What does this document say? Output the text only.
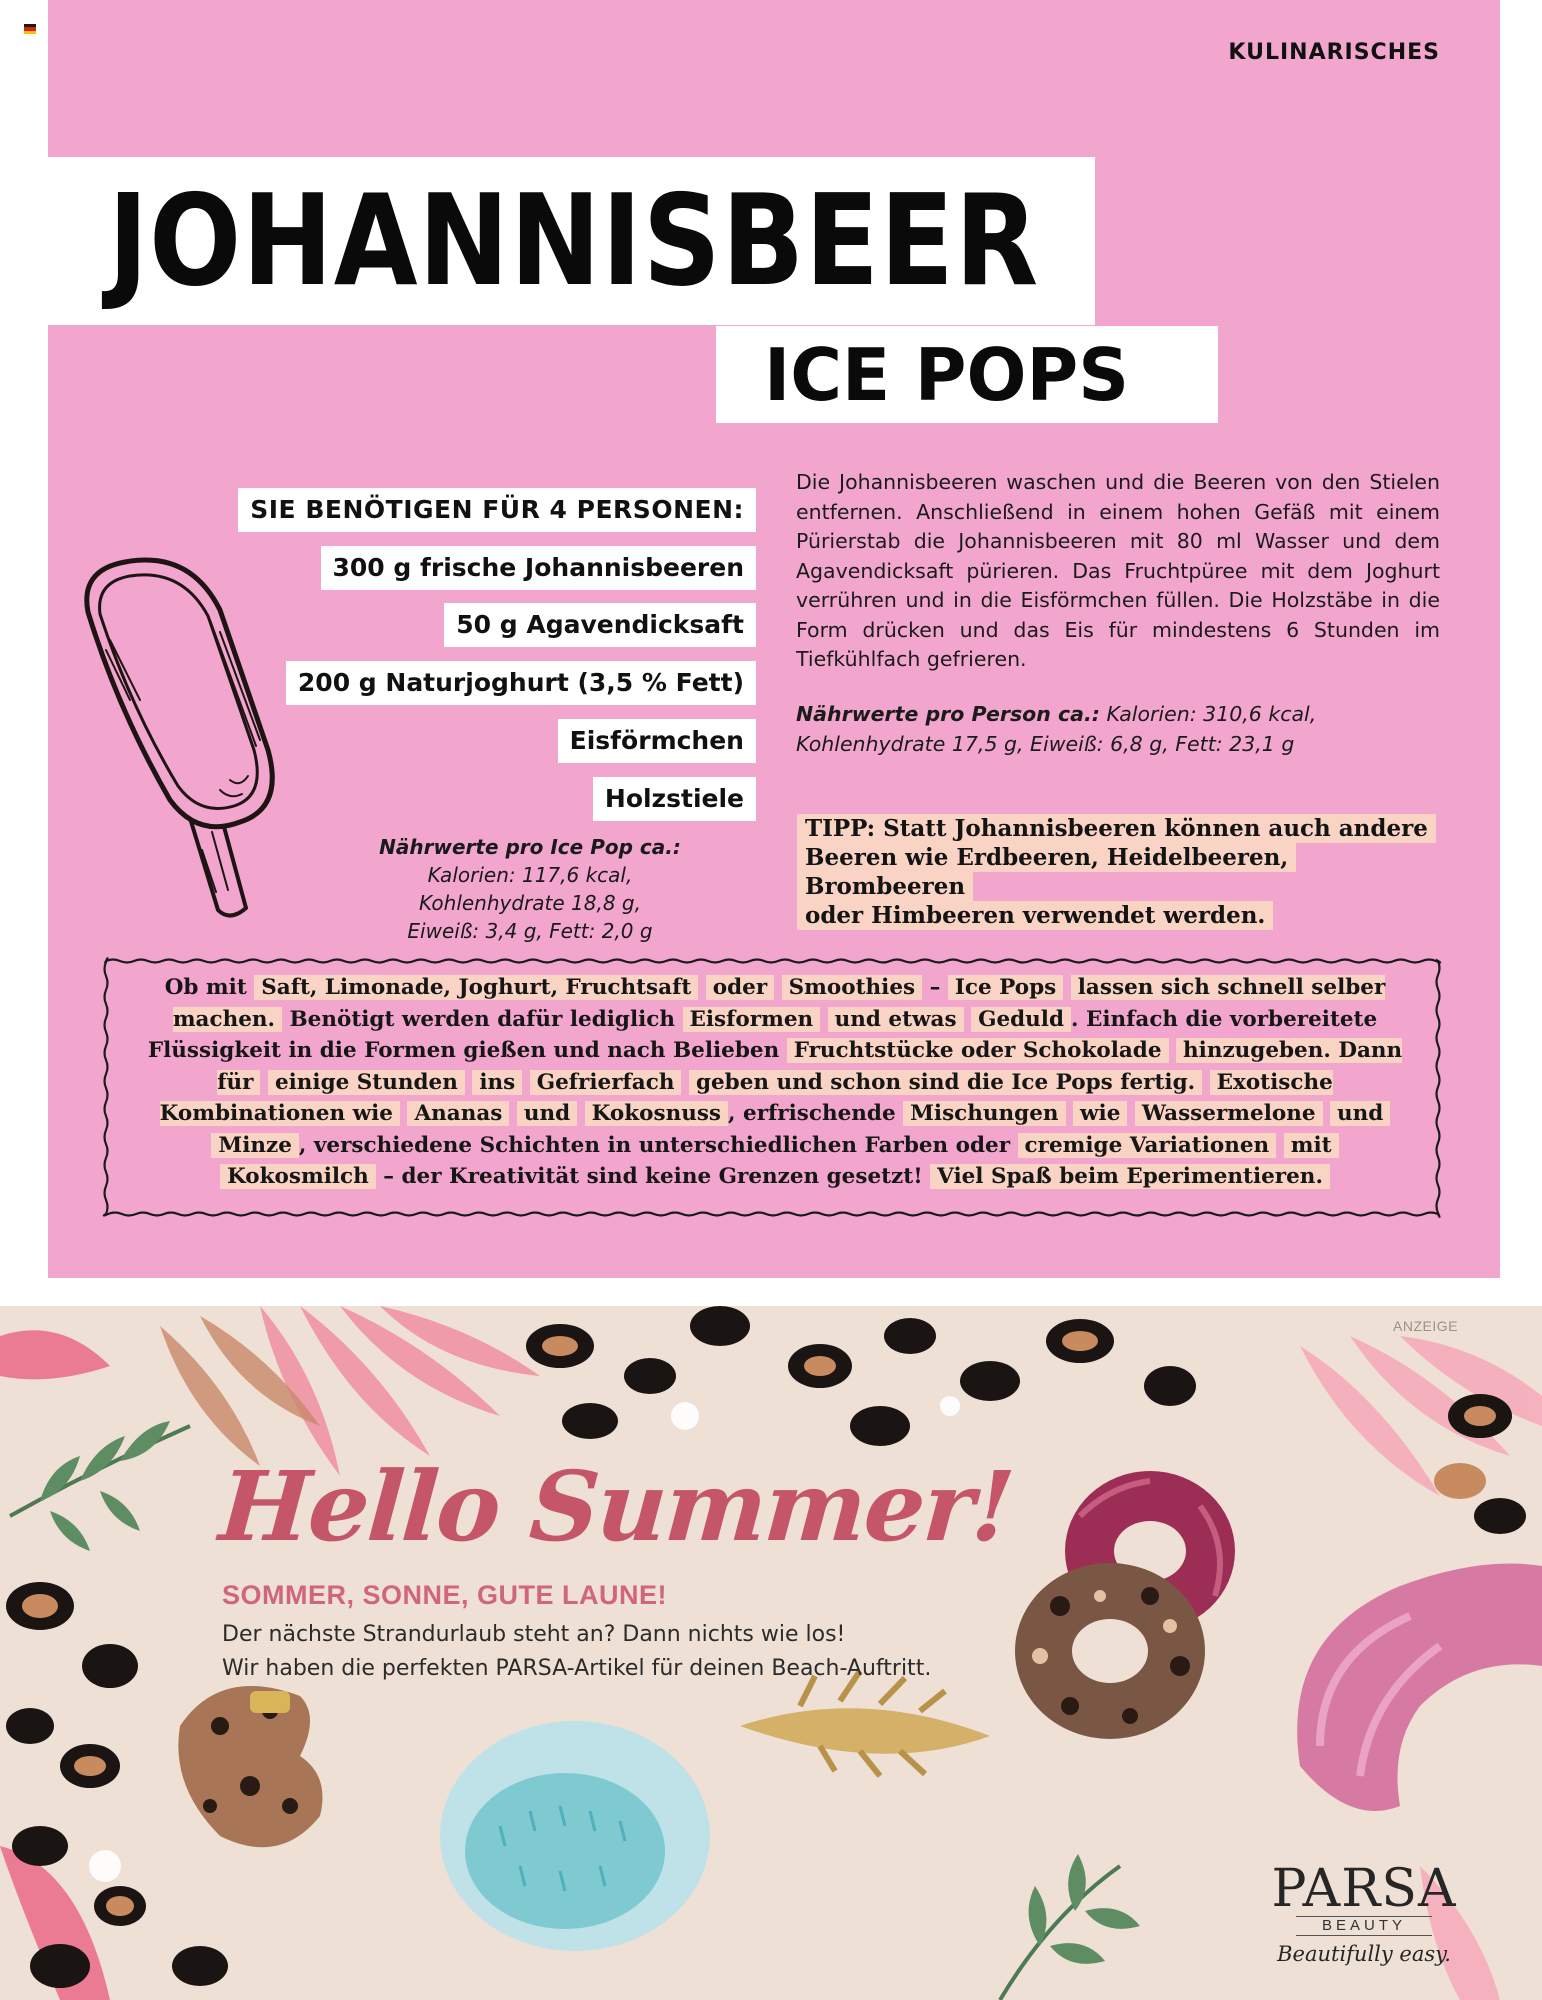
KULINARISCHES
JOHANNISBEER
ICE POPS
SIE BENÖTIGEN FÜR 4 PERSONEN:
300 g frische Johannisbeeren
50 g Agavendicksaft
200 g Naturjoghurt (3,5 % Fett)
Eisförmchen
Holzstiele
Nährwerte pro Ice Pop ca.:
Kalorien: 117,6 kcal,
Kohlenhydrate 18,8 g,
Eiweiß: 3,4 g, Fett: 2,0 g
Die Johannisbeeren waschen und die Beeren von den Stielen entfernen. Anschließend in einem hohen Gefäß mit einem Pürierstab die Johannisbeeren mit 80 ml Wasser und dem Agavendicksaft pürieren. Das Fruchtpüree mit dem Joghurt verrühren und in die Eisförmchen füllen. Die Holzstäbe in die Form drücken und das Eis für mindestens 6 Stunden im Tiefkühlfach gefrieren.
Nährwerte pro Person ca.: Kalorien: 310,6 kcal, Kohlenhydrate 17,5 g, Eiweiß: 6,8 g, Fett: 23,1 g
TIPP: Statt Johannisbeeren können auch andere
Beeren wie Erdbeeren, Heidelbeeren, Brombeeren
oder Himbeeren verwendet werden.
Ob mit Saft, Limonade, Joghurt, Fruchtsaft oder Smoothies – Ice Pops lassen sich schnell selber machen. Benötigt werden dafür lediglich Eisformen und etwas Geduld . Einfach die vorbereitete Flüssigkeit in die Formen gießen und nach Belieben Fruchtstücke oder Schokolade hinzugeben. Dann für einige Stunden ins Gefrierfach geben und schon sind die Ice Pops fertig. Exotische Kombinationen wie Ananas und Kokosnuss , erfrischende Mischungen wie Wassermelone und Minze , verschiedene Schichten in unterschiedlichen Farben oder cremige Variationen mit Kokosmilch – der Kreativität sind keine Grenzen gesetzt! Viel Spaß beim Eperimentieren.
ANZEIGE
Hello Summer!
SOMMER, SONNE, GUTE LAUNE!
Der nächste Strandurlaub steht an? Dann nichts wie los!
Wir haben die perfekten PARSA-Artikel für deinen Beach-Auftritt.
PARSA
BEAUTY
Beautifully easy.
